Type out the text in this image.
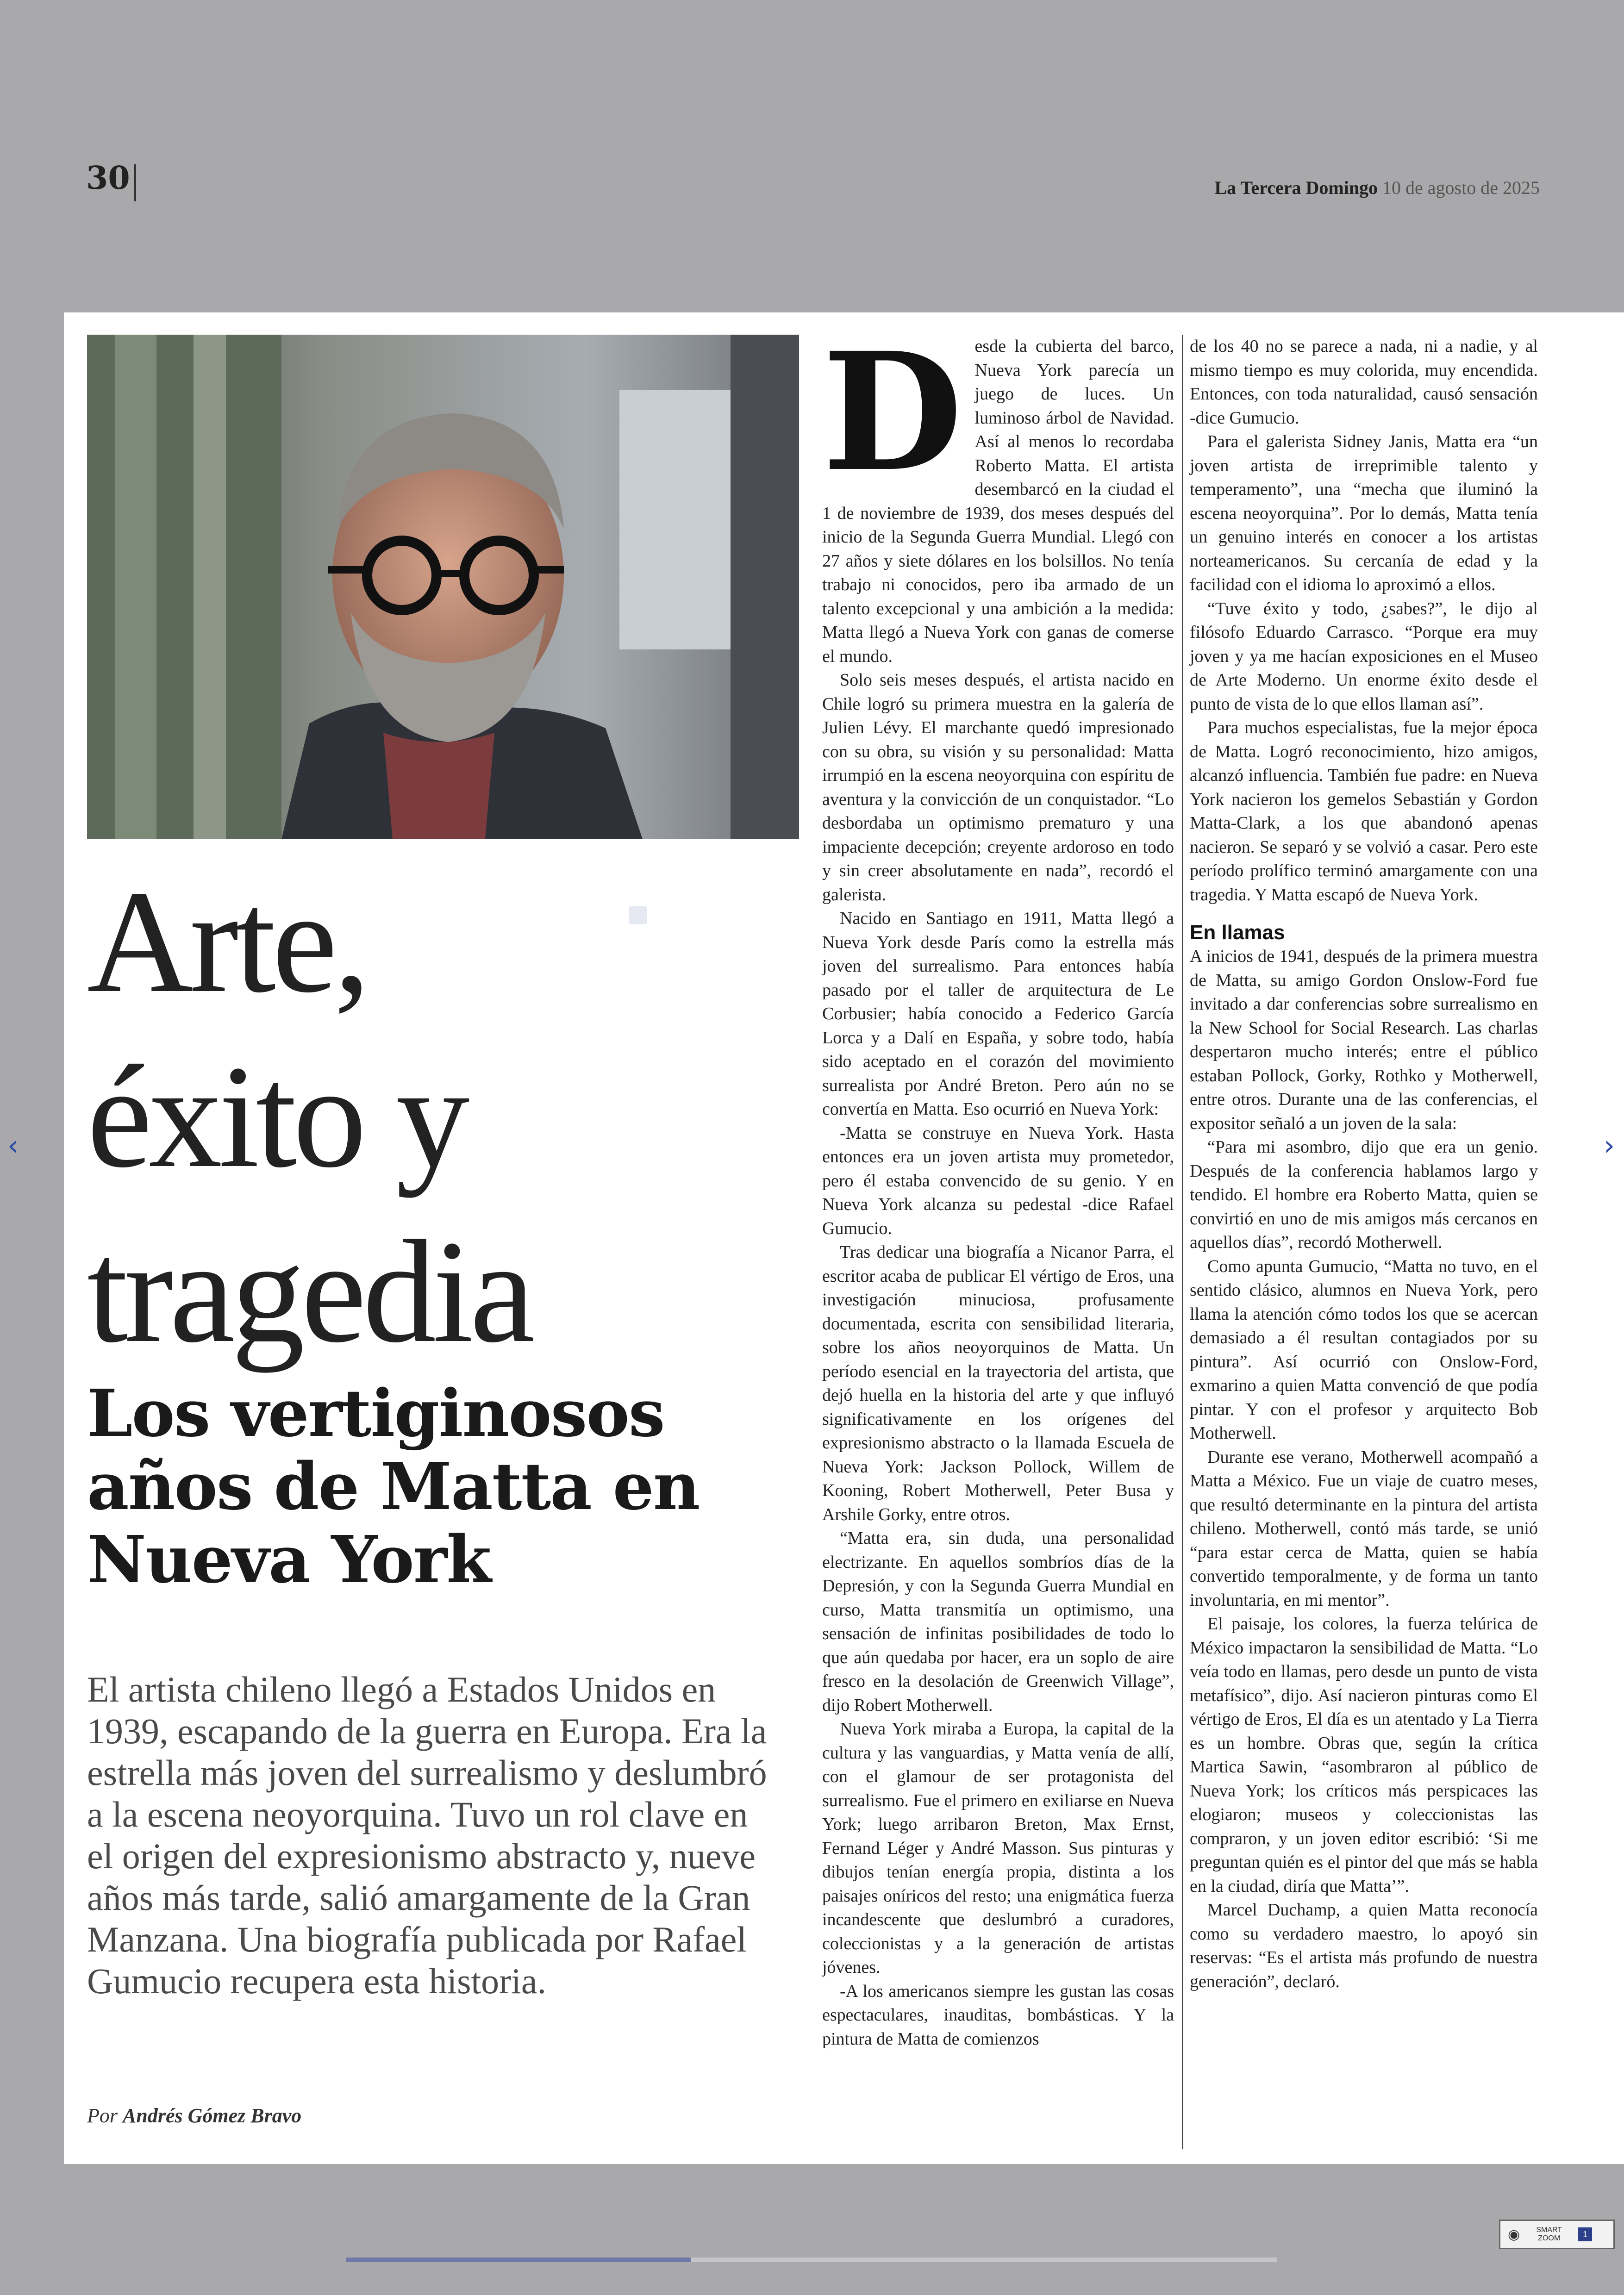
30	La Tercera Domingo 10 de agosto de 2025
Arte,
éxito y
tragedia
Los vertiginosos años de Matta en Nueva York
El artista chileno llegó a Estados Unidos en 1939, escapando de la guerra en Europa. Era la estrella más joven del surrealismo y deslumbró a la escena neoyorquina. Tuvo un rol clave en el origen del expresionismo abstracto y, nueve años más tarde, salió amargamente de la Gran Manzana. Una biografía publicada por Rafael Gumucio recupera esta historia.
Por Andrés Gómez Bravo

Desde la cubierta del barco, Nueva York parecía un juego de luces. Un luminoso árbol de Navidad. Así al menos lo recordaba Roberto Matta. El artista desembarcó en la ciudad el 1 de noviembre de 1939, dos meses después del inicio de la Segunda Guerra Mundial. Llegó con 27 años y siete dólares en los bolsillos. No tenía trabajo ni conocidos, pero iba armado de un talento excepcional y una ambición a la medida: Matta llegó a Nueva York con ganas de comerse el mundo.

Solo seis meses después, el artista nacido en Chile logró su primera muestra en la galería de Julien Lévy. El marchante quedó impresionado con su obra, su visión y su personalidad: Matta irrumpió en la escena neoyorquina con espíritu de aventura y la convicción de un conquistador. “Lo desbordaba un optimismo prematuro y una impaciente decepción; creyente ardoroso en todo y sin creer absolutamente en nada”, recordó el galerista.

Nacido en Santiago en 1911, Matta llegó a Nueva York desde París como la estrella más joven del surrealismo. Para entonces había pasado por el taller de arquitectura de Le Corbusier; había conocido a Federico García Lorca y a Dalí en España, y sobre todo, había sido aceptado en el corazón del movimiento surrealista por André Breton. Pero aún no se convertía en Matta. Eso ocurrió en Nueva York:

-Matta se construye en Nueva York. Hasta entonces era un joven artista muy prometedor, pero él estaba convencido de su genio. Y en Nueva York alcanza su pedestal -dice Rafael Gumucio.

Tras dedicar una biografía a Nicanor Parra, el escritor acaba de publicar El vértigo de Eros, una investigación minuciosa, profusamente documentada, escrita con sensibilidad literaria, sobre los años neoyorquinos de Matta. Un período esencial en la trayectoria del artista, que dejó huella en la historia del arte y que influyó significativamente en los orígenes del expresionismo abstracto o la llamada Escuela de Nueva York: Jackson Pollock, Willem de Kooning, Robert Motherwell, Peter Busa y Arshile Gorky, entre otros.

“Matta era, sin duda, una personalidad electrizante. En aquellos sombríos días de la Depresión, y con la Segunda Guerra Mundial en curso, Matta transmitía un optimismo, una sensación de infinitas posibilidades de todo lo que aún quedaba por hacer, era un soplo de aire fresco en la desolación de Greenwich Village”, dijo Robert Motherwell.

Nueva York miraba a Europa, la capital de la cultura y las vanguardias, y Matta venía de allí, con el glamour de ser protagonista del surrealismo. Fue el primero en exiliarse en Nueva York; luego arribaron Breton, Max Ernst, Fernand Léger y André Masson. Sus pinturas y dibujos tenían energía propia, distinta a los paisajes oníricos del resto; una enigmática fuerza incandescente que deslumbró a curadores, coleccionistas y a la generación de artistas jóvenes.

-A los americanos siempre les gustan las cosas espectaculares, inauditas, bombásticas. Y la pintura de Matta de comienzos

de los 40 no se parece a nada, ni a nadie, y al mismo tiempo es muy colorida, muy encendida. Entonces, con toda naturalidad, causó sensación -dice Gumucio.

Para el galerista Sidney Janis, Matta era “un joven artista de irreprimible talento y temperamento”, una “mecha que iluminó la escena neoyorquina”. Por lo demás, Matta tenía un genuino interés en conocer a los artistas norteamericanos. Su cercanía de edad y la facilidad con el idioma lo aproximó a ellos.

“Tuve éxito y todo, ¿sabes?”, le dijo al filósofo Eduardo Carrasco. “Porque era muy joven y ya me hacían exposiciones en el Museo de Arte Moderno. Un enorme éxito desde el punto de vista de lo que ellos llaman así”.

Para muchos especialistas, fue la mejor época de Matta. Logró reconocimiento, hizo amigos, alcanzó influencia. También fue padre: en Nueva York nacieron los gemelos Sebastián y Gordon Matta-Clark, a los que abandonó apenas nacieron. Se separó y se volvió a casar. Pero este período prolífico terminó amargamente con una tragedia. Y Matta escapó de Nueva York.

En llamas

A inicios de 1941, después de la primera muestra de Matta, su amigo Gordon Onslow-Ford fue invitado a dar conferencias sobre surrealismo en la New School for Social Research. Las charlas despertaron mucho interés; entre el público estaban Pollock, Gorky, Rothko y Motherwell, entre otros. Durante una de las conferencias, el expositor señaló a un joven de la sala:

“Para mi asombro, dijo que era un genio. Después de la conferencia hablamos largo y tendido. El hombre era Roberto Matta, quien se convirtió en uno de mis amigos más cercanos en aquellos días”, recordó Motherwell.

Como apunta Gumucio, “Matta no tuvo, en el sentido clásico, alumnos en Nueva York, pero llama la atención cómo todos los que se acercan demasiado a él resultan contagiados por su pintura”. Así ocurrió con Onslow-Ford, exmarino a quien Matta convenció de que podía pintar. Y con el profesor y arquitecto Bob Motherwell.

Durante ese verano, Motherwell acompañó a Matta a México. Fue un viaje de cuatro meses, que resultó determinante en la pintura del artista chileno. Motherwell, contó más tarde, se unió “para estar cerca de Matta, quien se había convertido temporalmente, y de forma un tanto involuntaria, en mi mentor”.

El paisaje, los colores, la fuerza telúrica de México impactaron la sensibilidad de Matta. “Lo veía todo en llamas, pero desde un punto de vista metafísico”, dijo. Así nacieron pinturas como El vértigo de Eros, El día es un atentado y La Tierra es un hombre. Obras que, según la crítica Martica Sawin, “asombraron al público de Nueva York; los críticos más perspicaces las elogiaron; museos y coleccionistas las compraron, y un joven editor escribió: ‘Si me preguntan quién es el pintor del que más se habla en la ciudad, diría que Matta’”.

Marcel Duchamp, a quien Matta reconocía como su verdadero maestro, lo apoyó sin reservas: “Es el artista más profundo de nuestra generación”, declaró.

‹	›
◉	SMART ZOOM	1
